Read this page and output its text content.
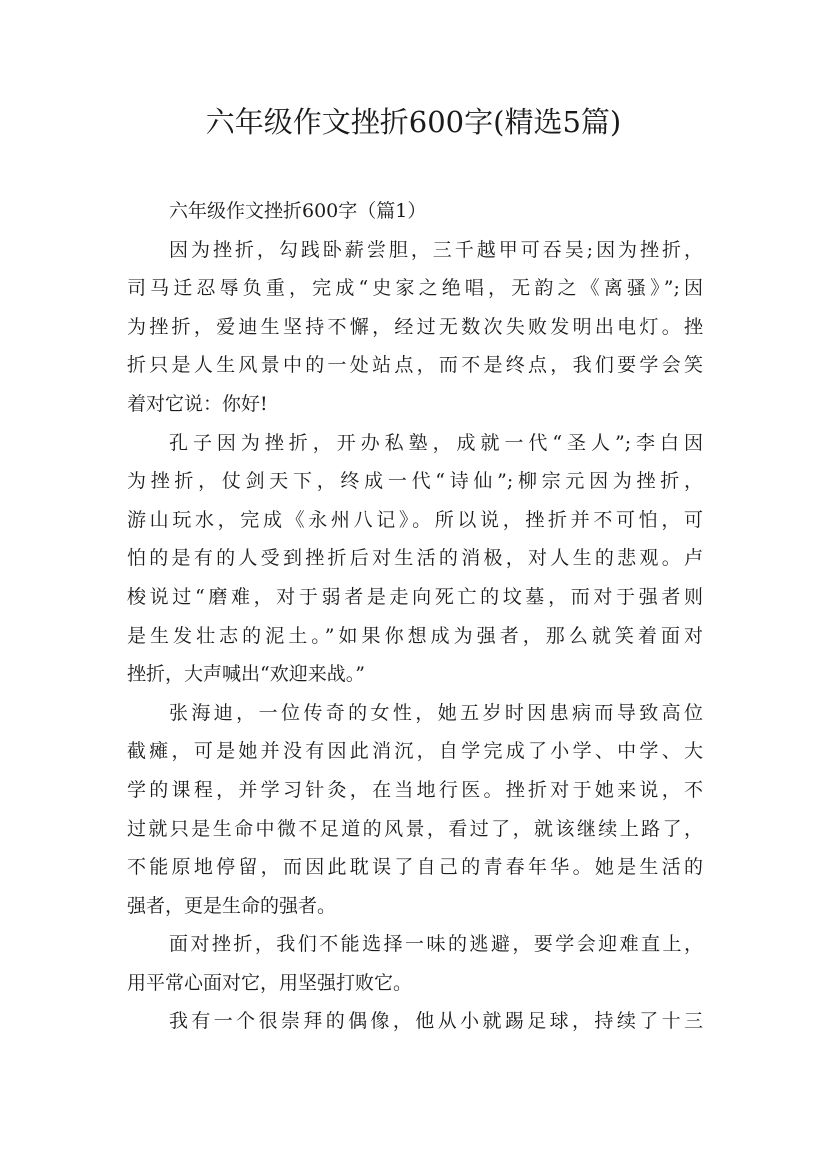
六年级作文挫折600字(精选5篇)
六年级作文挫折600字（篇1）
因为挫折，勾践卧薪尝胆，三千越甲可吞吴;因为挫折，
司马迁忍辱负重，完成“史家之绝唱，无韵之《离骚》”;因
为挫折，爱迪生坚持不懈，经过无数次失败发明出电灯。挫
折只是人生风景中的一处站点，而不是终点，我们要学会笑
着对它说：你好!
孔子因为挫折，开办私塾，成就一代“圣人”;李白因
为挫折，仗剑天下，终成一代“诗仙”;柳宗元因为挫折，
游山玩水，完成《永州八记》。所以说，挫折并不可怕，可
怕的是有的人受到挫折后对生活的消极，对人生的悲观。卢
梭说过“磨难，对于弱者是走向死亡的坟墓，而对于强者则
是生发壮志的泥土。”如果你想成为强者，那么就笑着面对
挫折，大声喊出“欢迎来战。”
张海迪，一位传奇的女性，她五岁时因患病而导致高位
截瘫，可是她并没有因此消沉，自学完成了小学、中学、大
学的课程，并学习针灸，在当地行医。挫折对于她来说，不
过就只是生命中微不足道的风景，看过了，就该继续上路了，
不能原地停留，而因此耽误了自己的青春年华。她是生活的
强者，更是生命的强者。
面对挫折，我们不能选择一味的逃避，要学会迎难直上，
用平常心面对它，用坚强打败它。
我有一个很崇拜的偶像，他从小就踢足球，持续了十三
